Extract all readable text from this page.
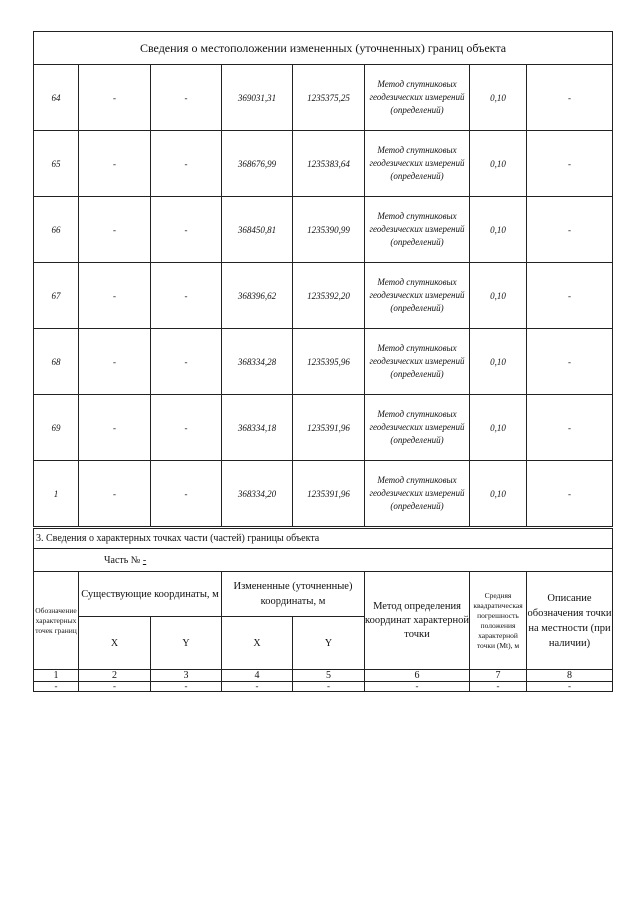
Сведения о местоположении измененных (уточненных) границ объекта							
64	-	-	369031,31	1235375,25	Метод спутниковых геодезических измерений (определений)	0,10	-
65	-	-	368676,99	1235383,64	Метод спутниковых геодезических измерений (определений)	0,10	-
66	-	-	368450,81	1235390,99	Метод спутниковых геодезических измерений (определений)	0,10	-
67	-	-	368396,62	1235392,20	Метод спутниковых геодезических измерений (определений)	0,10	-
68	-	-	368334,28	1235395,96	Метод спутниковых геодезических измерений (определений)	0,10	-
69	-	-	368334,18	1235391,96	Метод спутниковых геодезических измерений (определений)	0,10	-
1	-	-	368334,20	1235391,96	Метод спутниковых геодезических измерений (определений)	0,10	-
3. Сведения о характерных точках части (частей) границы объекта							
Часть № -							
Обозначение характерных точек границ	Существующие координаты, м		Измененные (уточненные) координаты, м		Метод определения координат характерной точки	Средняя квадратическая погрешность положения характерной точки (Mt), м	Описание обозначения точки на местности (при наличии)
	X	Y	X	Y			
1	2	3	4	5	6	7	8
-	-	-	-	-	-	-	-
